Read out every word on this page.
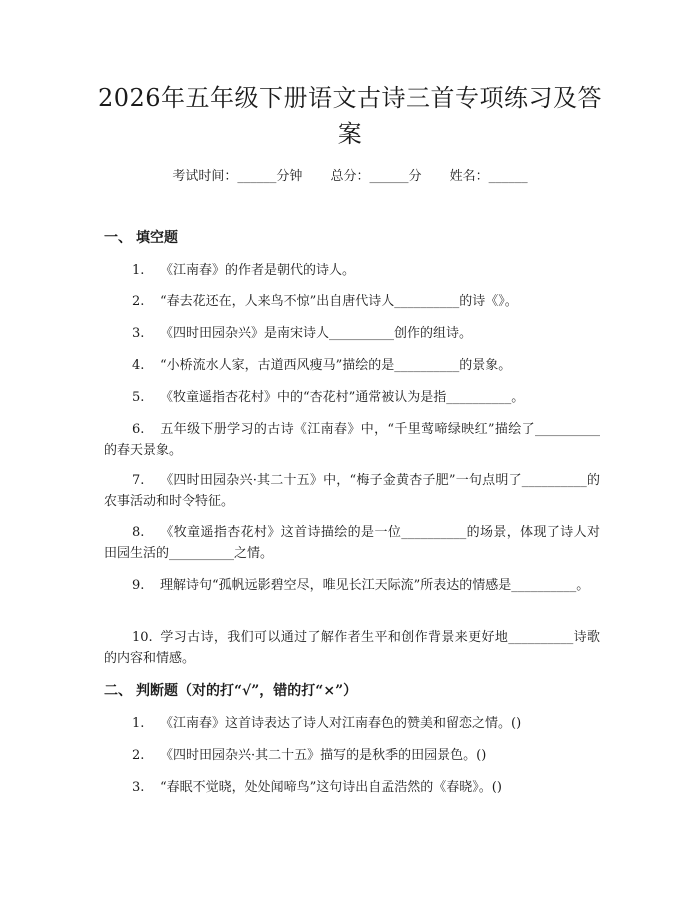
2026年五年级下册语文古诗三首专项练习及答案
考试时间：______分钟 总分：______分 姓名：______
一、 填空题
1. 《江南春》的作者是朝代的诗人。
2. “春去花还在，人来鸟不惊”出自唐代诗人__________的诗《》。
3. 《四时田园杂兴》是南宋诗人__________创作的组诗。
4. “小桥流水人家，古道西风瘦马”描绘的是__________的景象。
5. 《牧童遥指杏花村》中的“杏花村”通常被认为是指__________。
6. 五年级下册学习的古诗《江南春》中，“千里莺啼绿映红”描绘了__________的春天景象。
7. 《四时田园杂兴·其二十五》中，“梅子金黄杏子肥”一句点明了__________的农事活动和时令特征。
8. 《牧童遥指杏花村》这首诗描绘的是一位__________的场景，体现了诗人对田园生活的__________之情。
9. 理解诗句“孤帆远影碧空尽，唯见长江天际流”所表达的情感是__________。
10. 学习古诗，我们可以通过了解作者生平和创作背景来更好地__________诗歌的内容和情感。
二、 判断题（对的打“√”，错的打“×”）
1. 《江南春》这首诗表达了诗人对江南春色的赞美和留恋之情。()
2. 《四时田园杂兴·其二十五》描写的是秋季的田园景色。()
3. “春眠不觉晓，处处闻啼鸟”这句诗出自孟浩然的《春晓》。()
